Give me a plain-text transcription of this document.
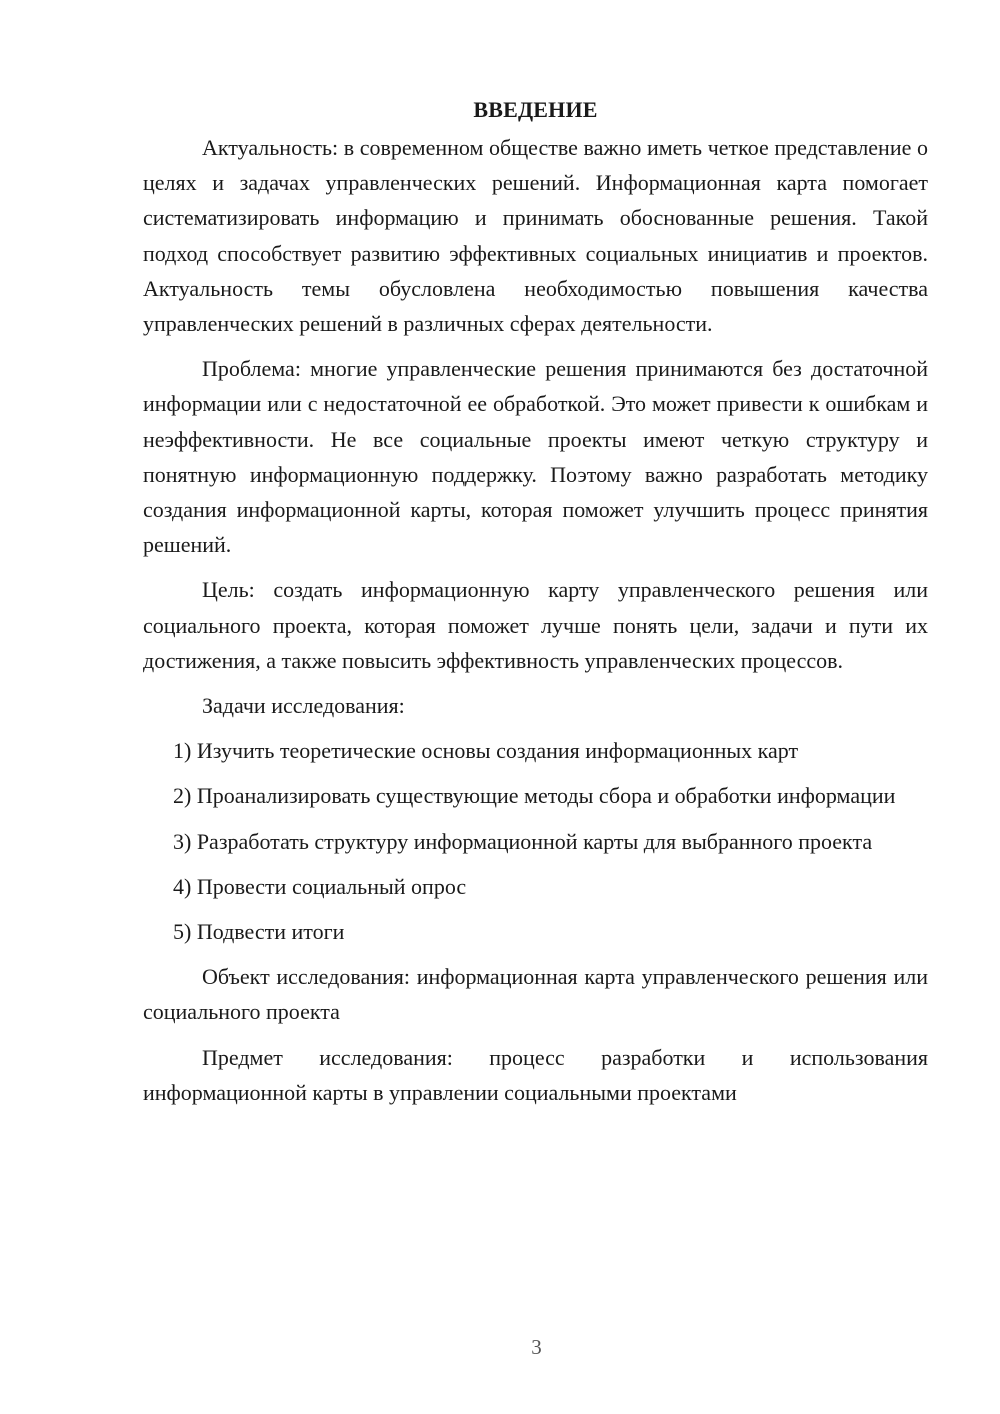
ВВЕДЕНИЕ

Актуальность: в современном обществе важно иметь четкое представление о целях и задачах управленческих решений. Информационная карта помогает систематизировать информацию и принимать обоснованные решения. Такой подход способствует развитию эффективных социальных инициатив и проектов. Актуальность темы обусловлена необходимостью повышения качества управленческих решений в различных сферах деятельности.

Проблема: многие управленческие решения принимаются без достаточной информации или с недостаточной ее обработкой. Это может привести к ошибкам и неэффективности. Не все социальные проекты имеют четкую структуру и понятную информационную поддержку. Поэтому важно разработать методику создания информационной карты, которая поможет улучшить процесс принятия решений.

Цель: создать информационную карту управленческого решения или социального проекта, которая поможет лучше понять цели, задачи и пути их достижения, а также повысить эффективность управленческих процессов.

Задачи исследования:

1) Изучить теоретические основы создания информационных карт

2) Проанализировать существующие методы сбора и обработки информации

3) Разработать структуру информационной карты для выбранного проекта

4) Провести социальный опрос

5) Подвести итоги

Объект исследования: информационная карта управленческого решения или социального проекта

Предмет исследования: процесс разработки и использования информационной карты в управлении социальными проектами

3
